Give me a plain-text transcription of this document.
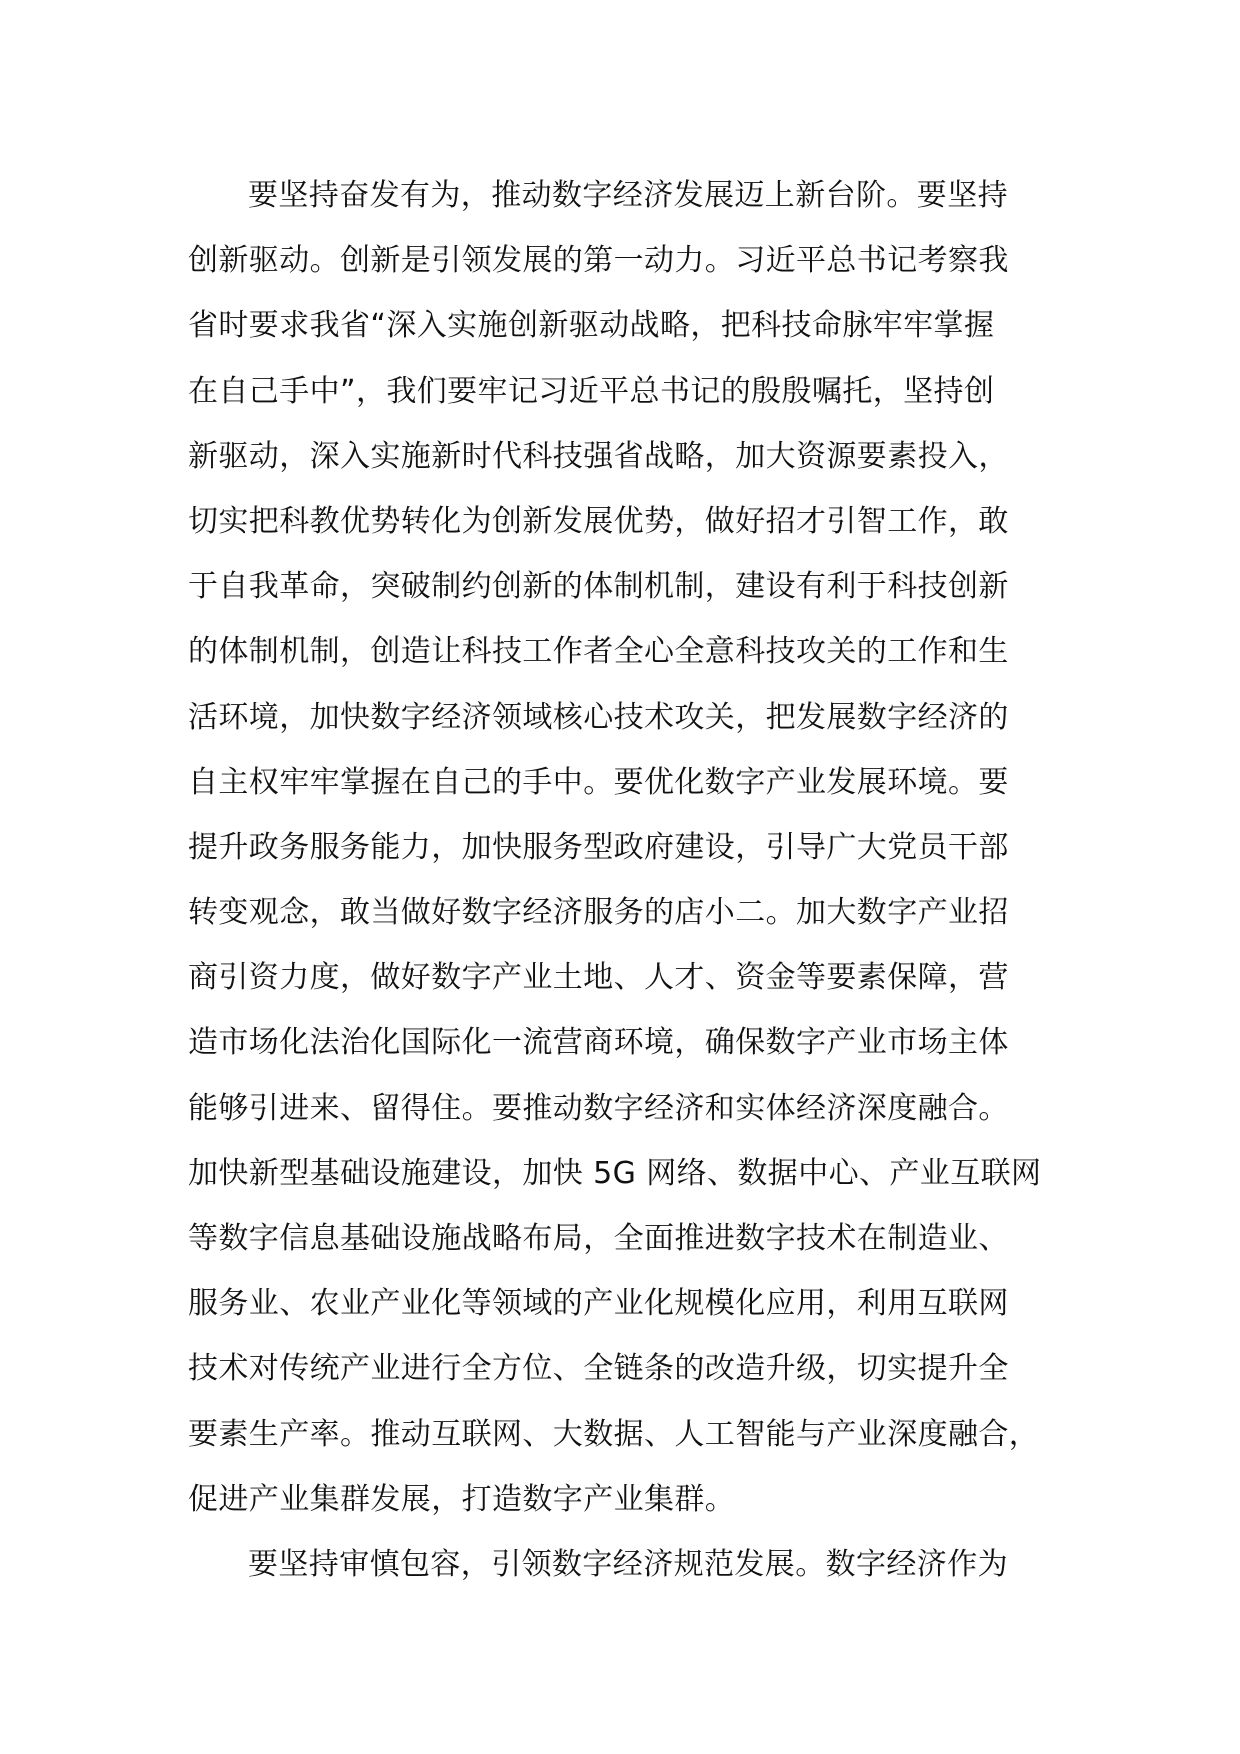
要坚持奋发有为，推动数字经济发展迈上新台阶。要坚持
创新驱动。创新是引领发展的第一动力。习近平总书记考察我
省时要求我省“深入实施创新驱动战略，把科技命脉牢牢掌握
在自己手中”，我们要牢记习近平总书记的殷殷嘱托，坚持创
新驱动，深入实施新时代科技强省战略，加大资源要素投入，
切实把科教优势转化为创新发展优势，做好招才引智工作，敢
于自我革命，突破制约创新的体制机制，建设有利于科技创新
的体制机制，创造让科技工作者全心全意科技攻关的工作和生
活环境，加快数字经济领域核心技术攻关，把发展数字经济的
自主权牢牢掌握在自己的手中。要优化数字产业发展环境。要
提升政务服务能力，加快服务型政府建设，引导广大党员干部
转变观念，敢当做好数字经济服务的店小二。加大数字产业招
商引资力度，做好数字产业土地、人才、资金等要素保障，营
造市场化法治化国际化一流营商环境，确保数字产业市场主体
能够引进来、留得住。要推动数字经济和实体经济深度融合。
加快新型基础设施建设，加快 5G 网络、数据中心、产业互联网
等数字信息基础设施战略布局，全面推进数字技术在制造业、
服务业、农业产业化等领域的产业化规模化应用，利用互联网
技术对传统产业进行全方位、全链条的改造升级，切实提升全
要素生产率。推动互联网、大数据、人工智能与产业深度融合，
促进产业集群发展，打造数字产业集群。
要坚持审慎包容，引领数字经济规范发展。数字经济作为
